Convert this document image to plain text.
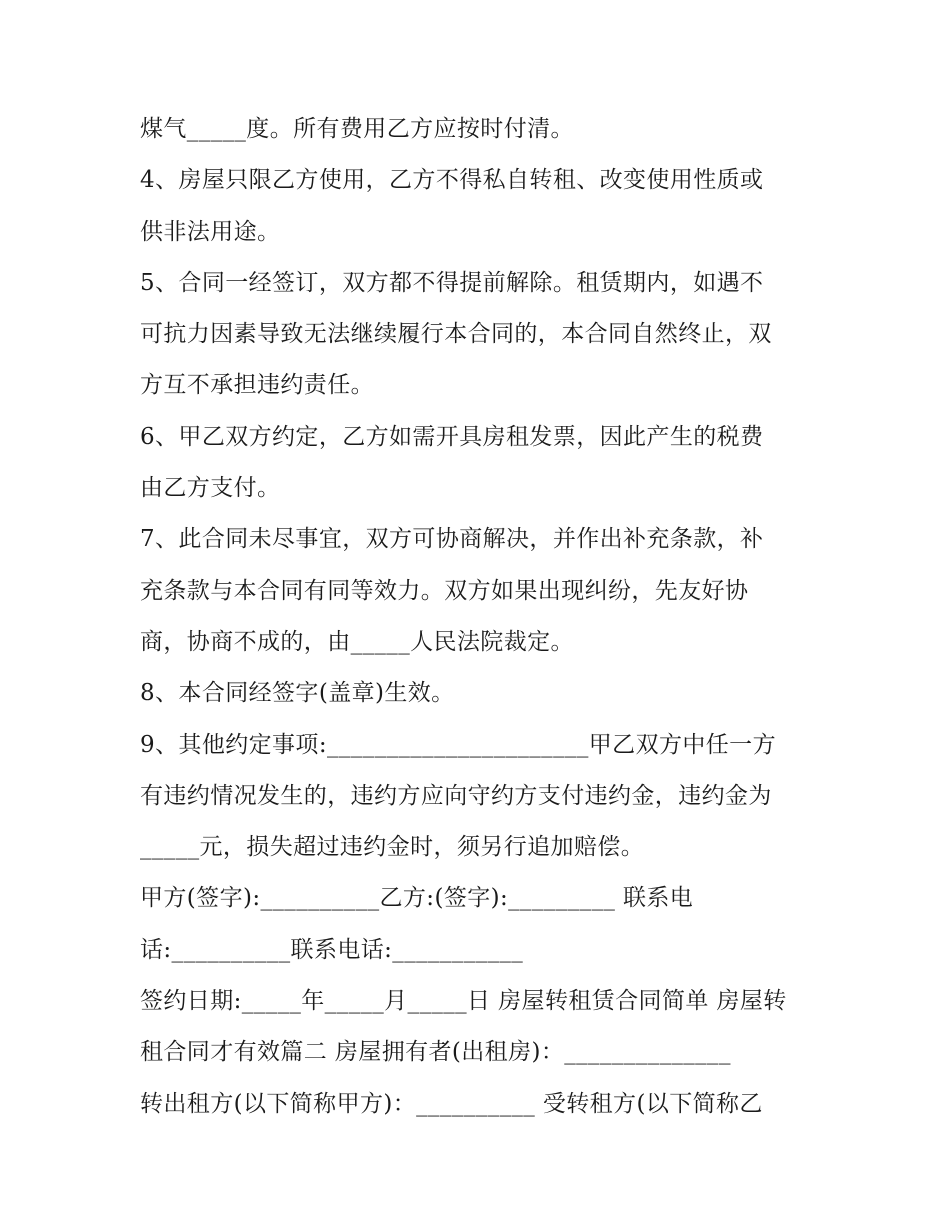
煤气_____度。所有费用乙方应按时付清。
4、房屋只限乙方使用，乙方不得私自转租、改变使用性质或
供非法用途。
5、合同一经签订，双方都不得提前解除。租赁期内，如遇不
可抗力因素导致无法继续履行本合同的，本合同自然终止，双
方互不承担违约责任。
6、甲乙双方约定，乙方如需开具房租发票，因此产生的税费
由乙方支付。
7、此合同未尽事宜，双方可协商解决，并作出补充条款，补
充条款与本合同有同等效力。双方如果出现纠纷，先友好协
商，协商不成的，由_____人民法院裁定。
8、本合同经签字(盖章)生效。
9、其他约定事项:______________________甲乙双方中任一方
有违约情况发生的，违约方应向守约方支付违约金，违约金为
_____元，损失超过违约金时，须另行追加赔偿。
甲方(签字):__________乙方:(签字):_________ 联系电
话:__________联系电话:___________
签约日期:_____年_____月_____日 房屋转租赁合同简单 房屋转
租合同才有效篇二 房屋拥有者(出租房)：______________
转出租方(以下简称甲方)：__________ 受转租方(以下简称乙
